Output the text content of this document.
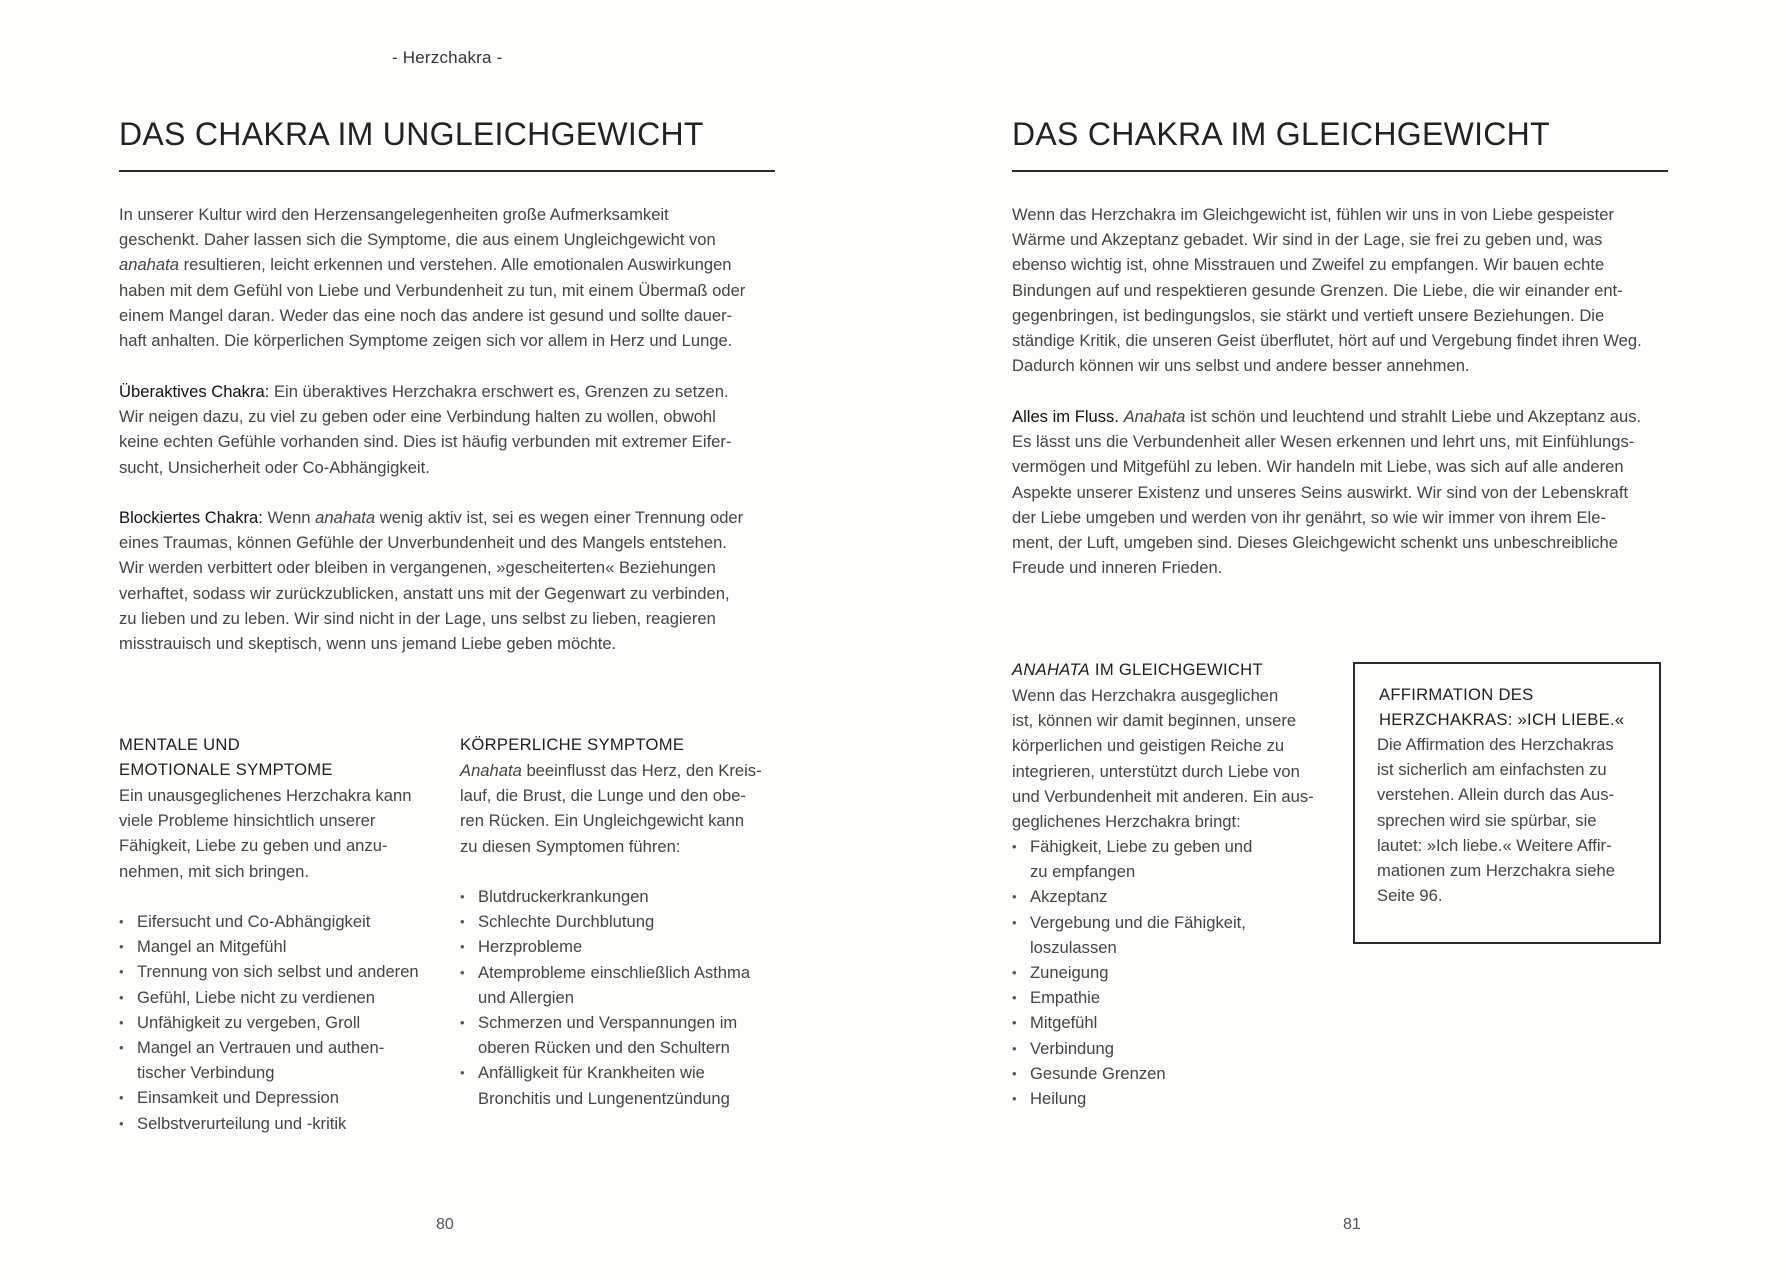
- Herzchakra -
DAS CHAKRA IM UNGLEICHGEWICHT

In unserer Kultur wird den Herzensangelegenheiten große Aufmerksamkeit
geschenkt. Daher lassen sich die Symptome, die aus einem Ungleichgewicht von
anahata resultieren, leicht erkennen und verstehen. Alle emotionalen Auswirkungen
haben mit dem Gefühl von Liebe und Verbundenheit zu tun, mit einem Übermaß oder
einem Mangel daran. Weder das eine noch das andere ist gesund und sollte dauer-
haft anhalten. Die körperlichen Symptome zeigen sich vor allem in Herz und Lunge.

Überaktives Chakra: Ein überaktives Herzchakra erschwert es, Grenzen zu setzen.
Wir neigen dazu, zu viel zu geben oder eine Verbindung halten zu wollen, obwohl
keine echten Gefühle vorhanden sind. Dies ist häufig verbunden mit extremer Eifer-
sucht, Unsicherheit oder Co-Abhängigkeit.

Blockiertes Chakra: Wenn anahata wenig aktiv ist, sei es wegen einer Trennung oder
eines Traumas, können Gefühle der Unverbundenheit und des Mangels entstehen.
Wir werden verbittert oder bleiben in vergangenen, »gescheiterten« Beziehungen
verhaftet, sodass wir zurückzublicken, anstatt uns mit der Gegenwart zu verbinden,
zu lieben und zu leben. Wir sind nicht in der Lage, uns selbst zu lieben, reagieren
misstrauisch und skeptisch, wenn uns jemand Liebe geben möchte.

MENTALE UND
EMOTIONALE SYMPTOME

Ein unausgeglichenes Herzchakra kann
viele Probleme hinsichtlich unserer
Fähigkeit, Liebe zu geben und anzu-
nehmen, mit sich bringen.

• Eifersucht und Co-Abhängigkeit
• Mangel an Mitgefühl
• Trennung von sich selbst und anderen
• Gefühl, Liebe nicht zu verdienen
• Unfähigkeit zu vergeben, Groll
• Mangel an Vertrauen und authen-
tischer Verbindung
• Einsamkeit und Depression
• Selbstverurteilung und -kritik

KÖRPERLICHE SYMPTOME

Anahata beeinflusst das Herz, den Kreis-
lauf, die Brust, die Lunge und den obe-
ren Rücken. Ein Ungleichgewicht kann
zu diesen Symptomen führen:

• Blutdruckerkrankungen
• Schlechte Durchblutung
• Herzprobleme
• Atemprobleme einschließlich Asthma
und Allergien
• Schmerzen und Verspannungen im
oberen Rücken und den Schultern
• Anfälligkeit für Krankheiten wie
Bronchitis und Lungenentzündung
80
DAS CHAKRA IM GLEICHGEWICHT

Wenn das Herzchakra im Gleichgewicht ist, fühlen wir uns in von Liebe gespeister
Wärme und Akzeptanz gebadet. Wir sind in der Lage, sie frei zu geben und, was
ebenso wichtig ist, ohne Misstrauen und Zweifel zu empfangen. Wir bauen echte
Bindungen auf und respektieren gesunde Grenzen. Die Liebe, die wir einander ent-
gegenbringen, ist bedingungslos, sie stärkt und vertieft unsere Beziehungen. Die
ständige Kritik, die unseren Geist überflutet, hört auf und Vergebung findet ihren Weg.
Dadurch können wir uns selbst und andere besser annehmen.

Alles im Fluss. Anahata ist schön und leuchtend und strahlt Liebe und Akzeptanz aus.
Es lässt uns die Verbundenheit aller Wesen erkennen und lehrt uns, mit Einfühlungs-
vermögen und Mitgefühl zu leben. Wir handeln mit Liebe, was sich auf alle anderen
Aspekte unserer Existenz und unseres Seins auswirkt. Wir sind von der Lebenskraft
der Liebe umgeben und werden von ihr genährt, so wie wir immer von ihrem Ele-
ment, der Luft, umgeben sind. Dieses Gleichgewicht schenkt uns unbeschreibliche
Freude und inneren Frieden.

ANAHATA IM GLEICHGEWICHT

Wenn das Herzchakra ausgeglichen
ist, können wir damit beginnen, unsere
körperlichen und geistigen Reiche zu
integrieren, unterstützt durch Liebe von
und Verbundenheit mit anderen. Ein aus-
geglichenes Herzchakra bringt:

• Fähigkeit, Liebe zu geben und
zu empfangen
• Akzeptanz
• Vergebung und die Fähigkeit,
loszulassen
• Zuneigung
• Empathie
• Mitgefühl
• Verbindung
• Gesunde Grenzen
• Heilung

AFFIRMATION DES
HERZCHAKRAS: »ICH LIEBE.«

Die Affirmation des Herzchakras
ist sicherlich am einfachsten zu
verstehen. Allein durch das Aus-
sprechen wird sie spürbar, sie
lautet: »Ich liebe.« Weitere Affir-
mationen zum Herzchakra siehe
Seite 96.

81
